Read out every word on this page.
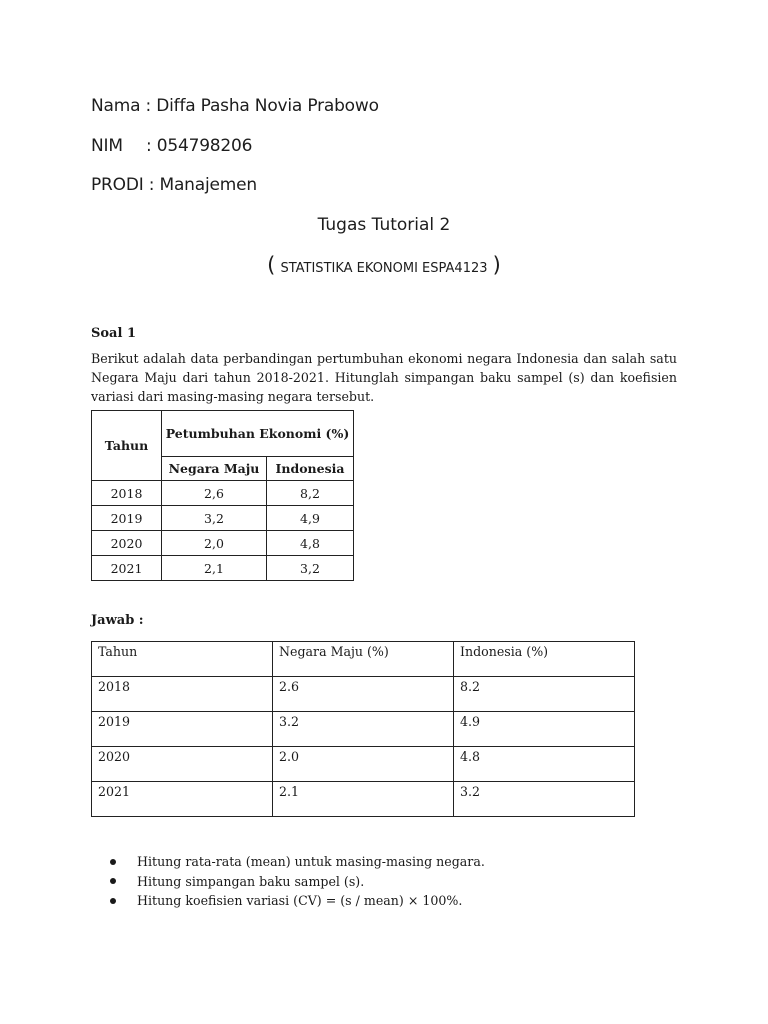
Nama : Diffa Pasha Novia Prabowo
NIM : 054798206
PRODI : Manajemen
Tugas Tutorial 2
( STATISTIKA EKONOMI ESPA4123 )
Soal 1
Berikut adalah data perbandingan pertumbuhan ekonomi negara Indonesia dan salah satu Negara Maju dari tahun 2018-2021. Hitunglah simpangan baku sampel (s) dan koefisien variasi dari masing-masing negara tersebut.
Tahun	Petumbuhan Ekonomi (%)	
	Negara Maju	Indonesia
2018	2,6	8,2
2019	3,2	4,9
2020	2,0	4,8
2021	2,1	3,2
Jawab :
Tahun	Negara Maju (%)	Indonesia (%)
2018	2.6	8.2
2019	3.2	4.9
2020	2.0	4.8
2021	2.1	3.2
Hitung rata-rata (mean) untuk masing-masing negara.
Hitung simpangan baku sampel (s).
Hitung koefisien variasi (CV) = (s / mean) × 100%.
